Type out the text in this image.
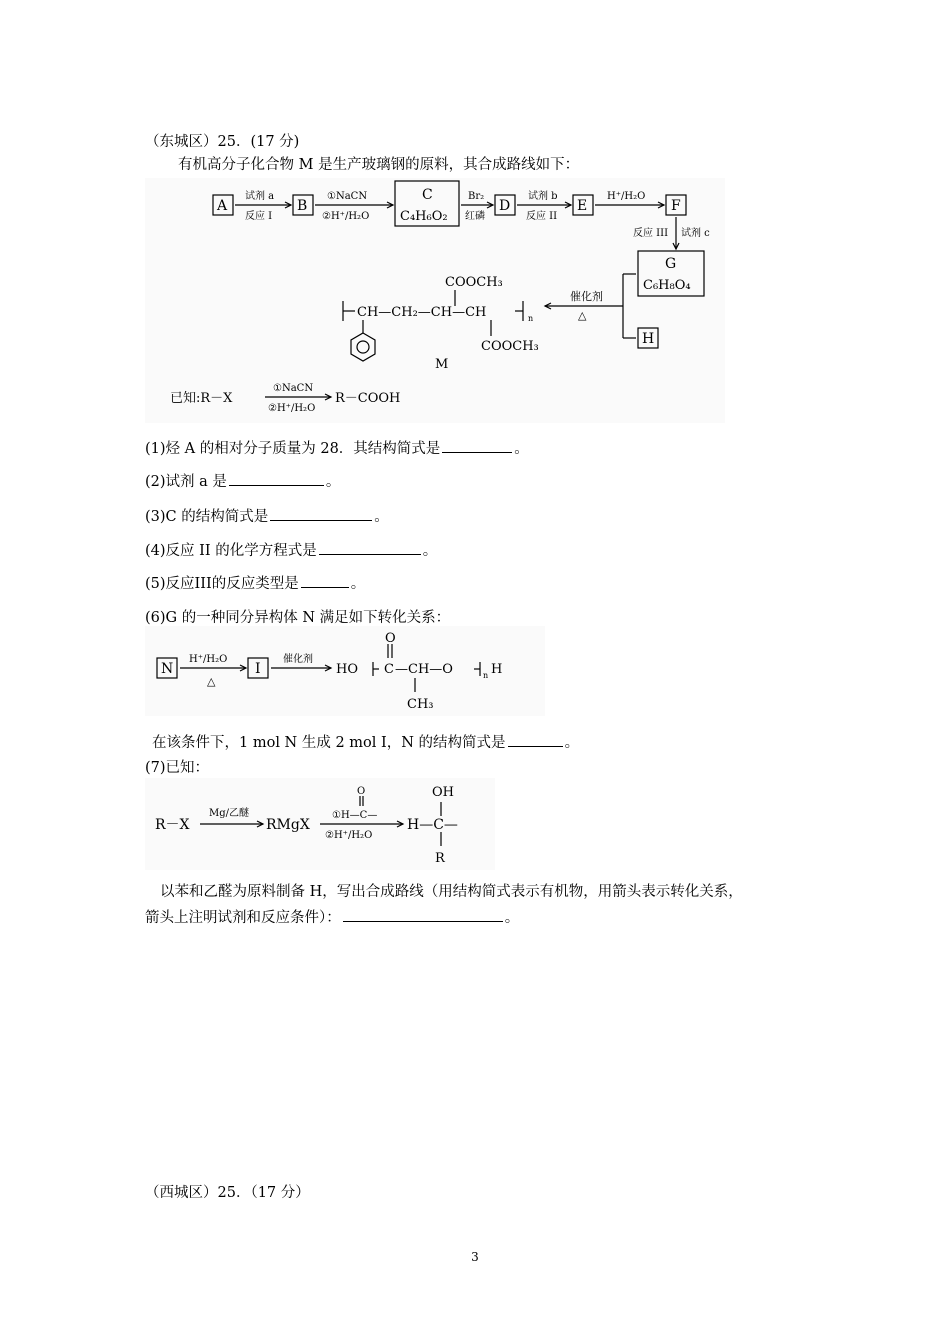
（东城区）25．(17 分)
有机高分子化合物 M 是生产玻璃钢的原料，其合成路线如下：
A	B
C
C₄H₆O₂
D	E	F
G
C₆H₈O₄
H
试剂 a
反应 I
①NaCN
②H⁺/H₂O
Br₂
红磷
试剂 b
反应 II
H⁺/H₂O
反应 III 试剂 c
催化剂
△
COOCH₃
CH—CH₂—CH—CH	n
COOCH₃
M
已知:R－X
①NaCN
②H⁺/H₂O
R－COOH
(1)烃 A 的相对分子质量为 28．其结构简式是	。
(2)试剂 a 是	。
(3)C 的结构简式是	。
(4)反应 II 的化学方程式是	。
(5)反应III的反应类型是	。
(6)G 的一种同分异构体 N 满足如下转化关系：
N	I
H⁺/H₂O
△
催化剂
HO
O
C —CH—O	n H
CH₃
在该条件下，1 mol N 生成 2 mol I，N 的结构简式是	。
(7)已知：
R－X
Mg/乙醚
RMgX
O
①H—C—
②H⁺/H₂O
OH
H—C—
R
以苯和乙醛为原料制备 H，写出合成路线（用结构简式表示有机物，用箭头表示转化关系，
箭头上注明试剂和反应条件）：	。
（西城区）25．（17 分）
3
